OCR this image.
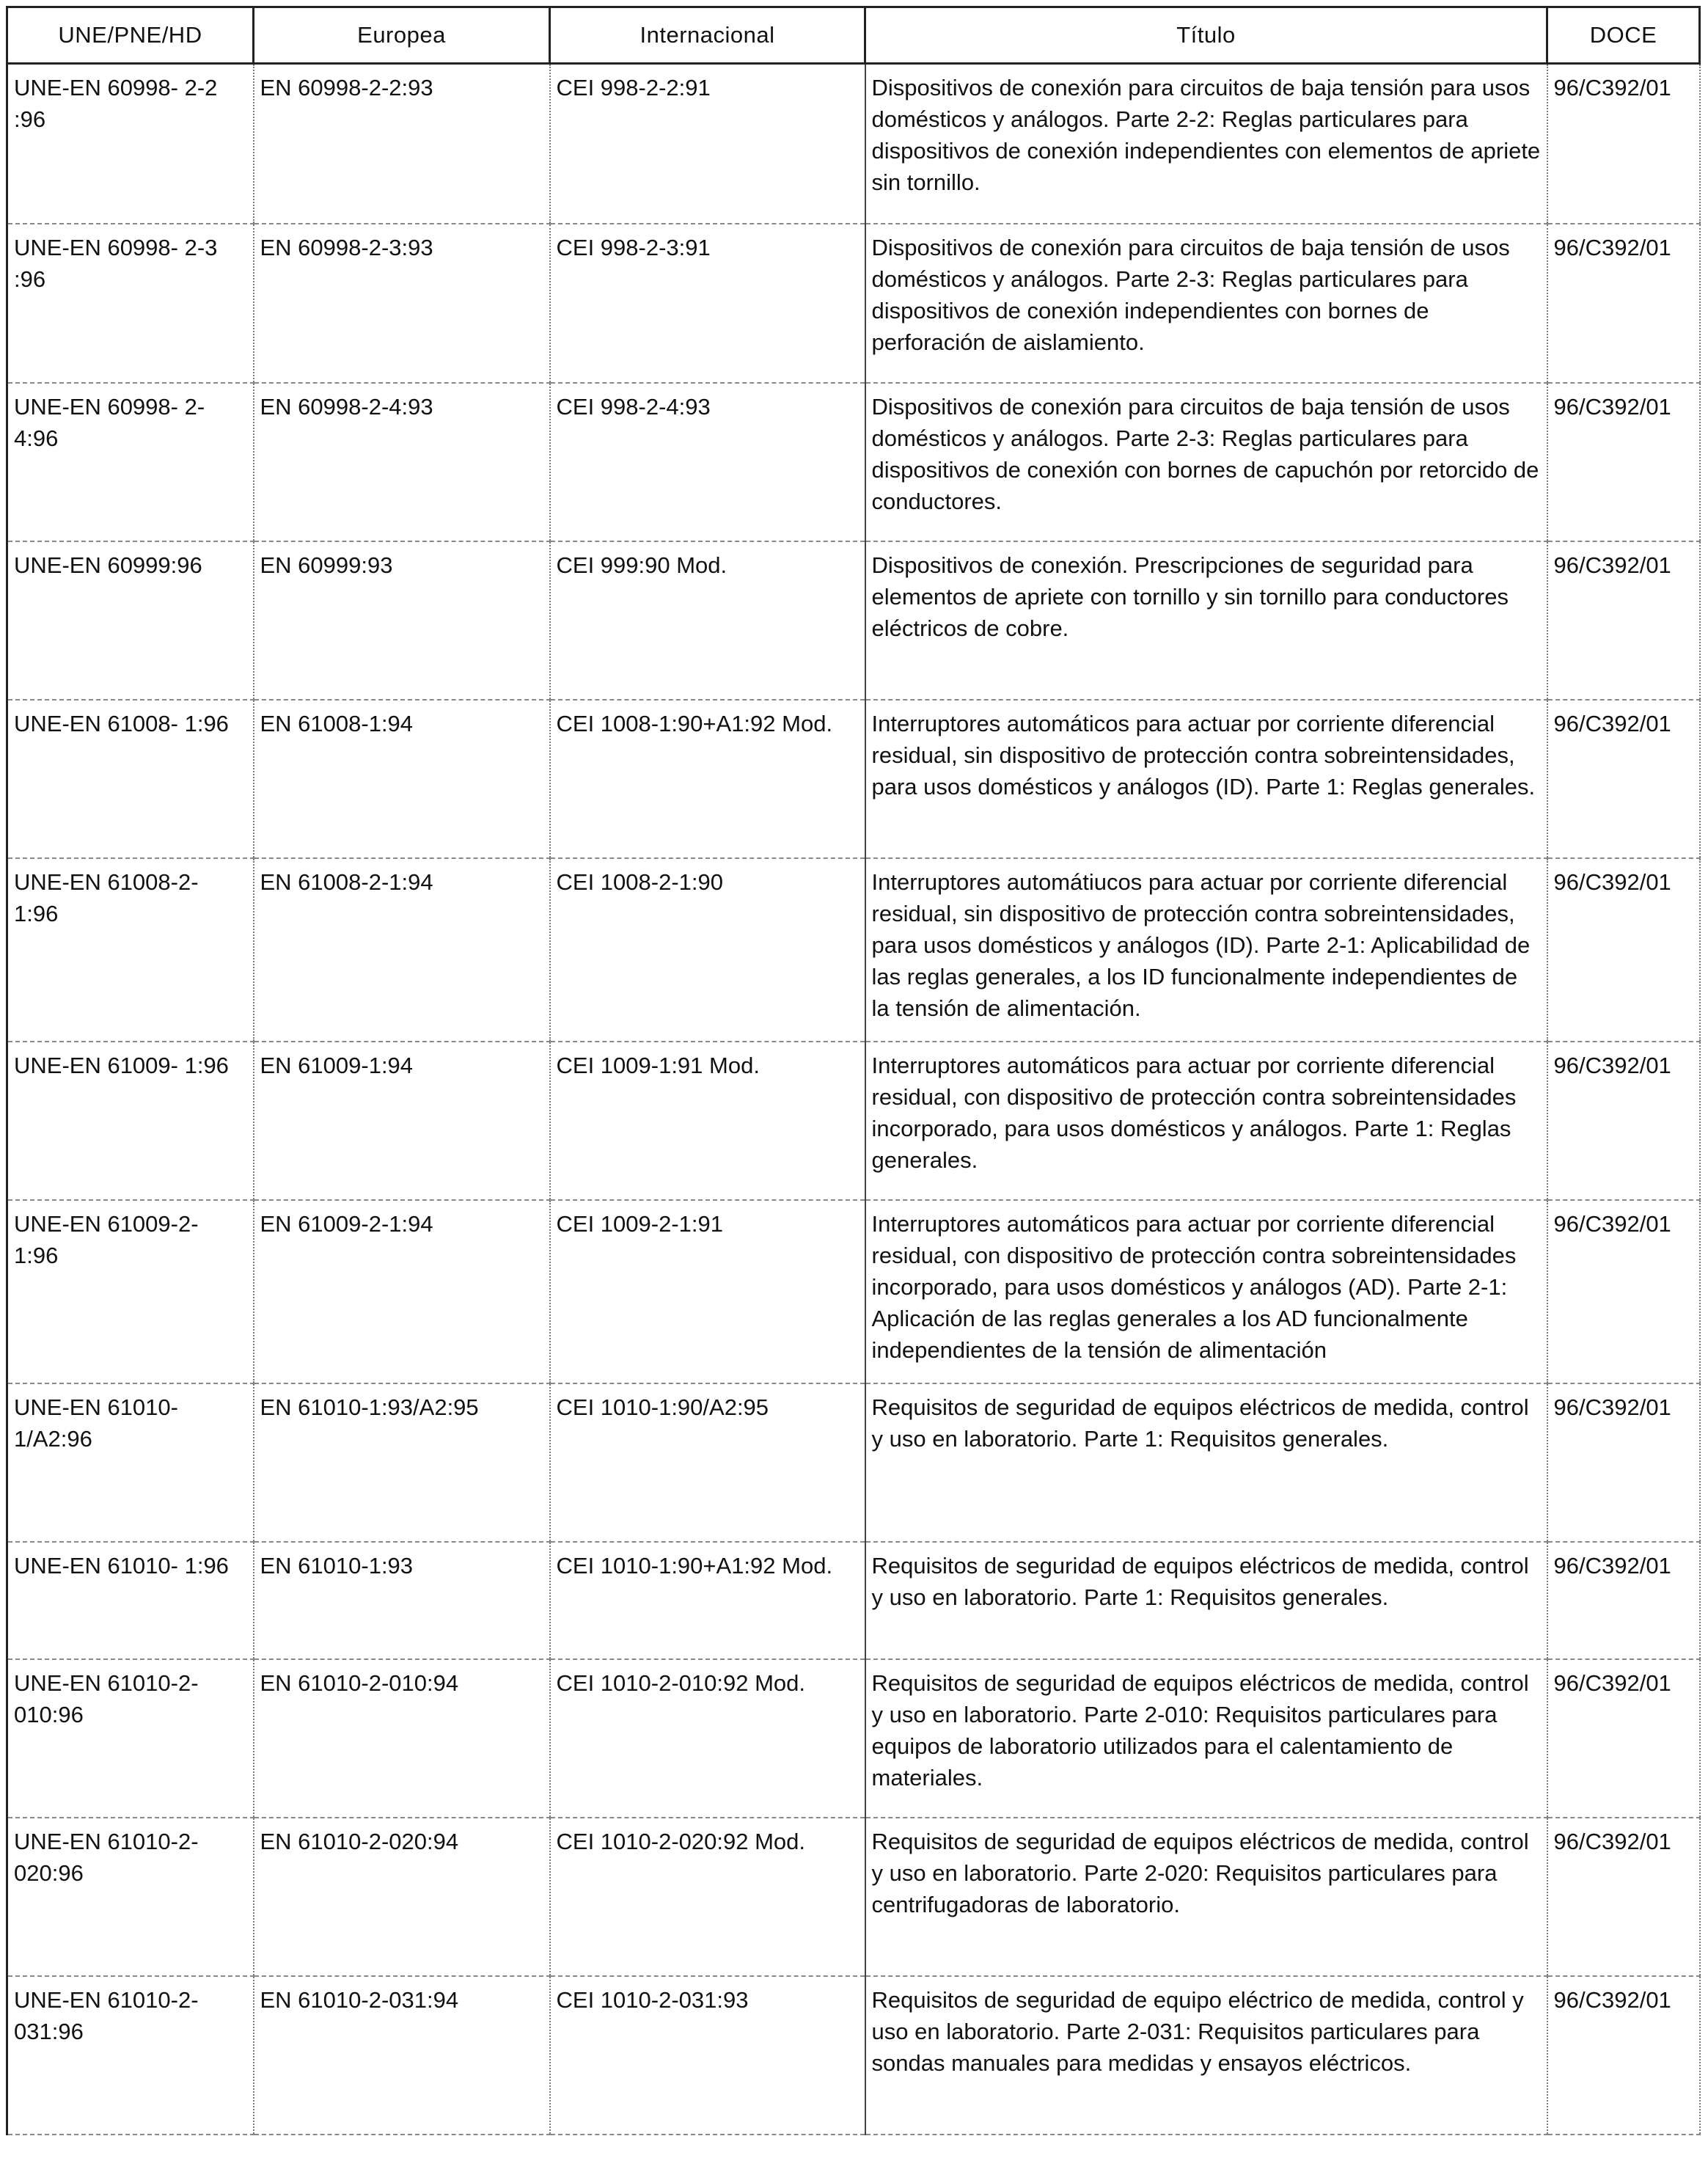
UNE/PNE/HD	Europea	Internacional	Título	DOCE
UNE-EN 60998- 2-2 :96	EN 60998-2-2:93	CEI 998-2-2:91	Dispositivos de conexión para circuitos de baja tensión para usos domésticos y análogos. Parte 2-2: Reglas particulares para dispositivos de conexión independientes con elementos de apriete sin tornillo.	96/C392/01
UNE-EN 60998- 2-3 :96	EN 60998-2-3:93	CEI 998-2-3:91	Dispositivos de conexión para circuitos de baja tensión de usos domésticos y análogos. Parte 2-3: Reglas particulares para dispositivos de conexión independientes con bornes de perforación de aislamiento.	96/C392/01
UNE-EN 60998- 2- 4:96	EN 60998-2-4:93	CEI 998-2-4:93	Dispositivos de conexión para circuitos de baja tensión de usos domésticos y análogos. Parte 2-3: Reglas particulares para dispositivos de conexión con bornes de capuchón por retorcido de conductores.	96/C392/01
UNE-EN 60999:96	EN 60999:93	CEI 999:90 Mod.	Dispositivos de conexión. Prescripciones de seguridad para elementos de apriete con tornillo y sin tornillo para conductores eléctricos de cobre.	96/C392/01
UNE-EN 61008- 1:96	EN 61008-1:94	CEI 1008-1:90+A1:92 Mod.	Interruptores automáticos para actuar por corriente diferencial residual, sin dispositivo de protección contra sobreintensidades, para usos domésticos y análogos (ID). Parte 1: Reglas generales.	96/C392/01
UNE-EN 61008-2- 1:96	EN 61008-2-1:94	CEI 1008-2-1:90	Interruptores automátiucos para actuar por corriente diferencial residual, sin dispositivo de protección contra sobreintensidades, para usos domésticos y análogos (ID). Parte 2-1: Aplicabilidad de las reglas generales, a los ID funcionalmente independientes de la tensión de alimentación.	96/C392/01
UNE-EN 61009- 1:96	EN 61009-1:94	CEI 1009-1:91 Mod.	Interruptores automáticos para actuar por corriente diferencial residual, con dispositivo de protección contra sobreintensidades incorporado, para usos domésticos y análogos. Parte 1: Reglas generales.	96/C392/01
UNE-EN 61009-2- 1:96	EN 61009-2-1:94	CEI 1009-2-1:91	Interruptores automáticos para actuar por corriente diferencial residual, con dispositivo de protección contra sobreintensidades incorporado, para usos domésticos y análogos (AD). Parte 2-1: Aplicación de las reglas generales a los AD funcionalmente independientes de la tensión de alimentación	96/C392/01
UNE-EN 61010- 1/A2:96	EN 61010-1:93/A2:95	CEI 1010-1:90/A2:95	Requisitos de seguridad de equipos eléctricos de medida, control y uso en laboratorio. Parte 1: Requisitos generales.	96/C392/01
UNE-EN 61010- 1:96	EN 61010-1:93	CEI 1010-1:90+A1:92 Mod.	Requisitos de seguridad de equipos eléctricos de medida, control y uso en laboratorio. Parte 1: Requisitos generales.	96/C392/01
UNE-EN 61010-2- 010:96	EN 61010-2-010:94	CEI 1010-2-010:92 Mod.	Requisitos de seguridad de equipos eléctricos de medida, control y uso en laboratorio. Parte 2-010: Requisitos particulares para equipos de laboratorio utilizados para el calentamiento de materiales.	96/C392/01
UNE-EN 61010-2- 020:96	EN 61010-2-020:94	CEI 1010-2-020:92 Mod.	Requisitos de seguridad de equipos eléctricos de medida, control y uso en laboratorio. Parte 2-020: Requisitos particulares para centrifugadoras de laboratorio.	96/C392/01
UNE-EN 61010-2- 031:96	EN 61010-2-031:94	CEI 1010-2-031:93	Requisitos de seguridad de equipo eléctrico de medida, control y uso en laboratorio. Parte 2-031: Requisitos particulares para sondas manuales para medidas y ensayos eléctricos.	96/C392/01
